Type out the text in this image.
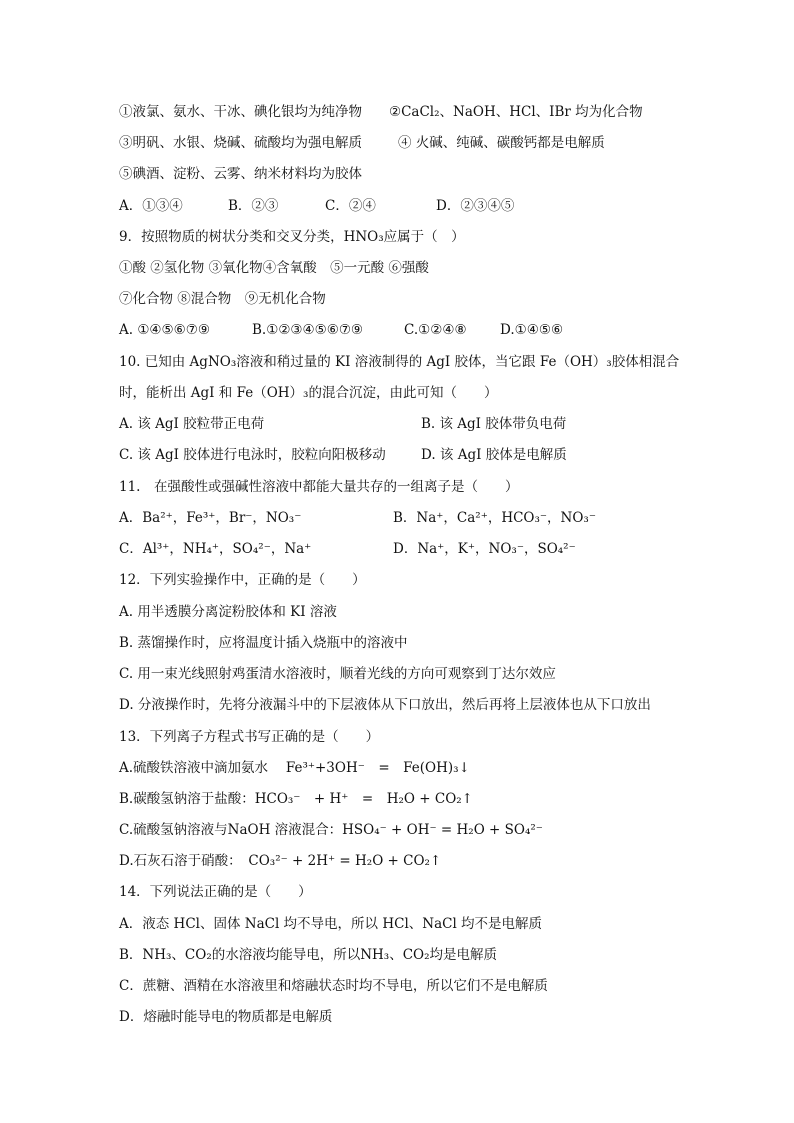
①液氯、氨水、干冰、碘化银均为纯净物 ②CaCl₂、NaOH、HCl、IBr 均为化合物
③明矾、水银、烧碱、硫酸均为强电解质	④ 火碱、纯碱、碳酸钙都是电解质
⑤碘酒、淀粉、云雾、纳米材料均为胶体
A．①③④	B．②③	C．②④	D．②③④⑤
9．按照物质的树状分类和交叉分类，HNO₃应属于（　）
①酸 ②氢化物 ③氧化物④含氧酸　⑤一元酸 ⑥强酸
⑦化合物 ⑧混合物　⑨无机化合物
A. ①④⑤⑥⑦⑨	B.①②③④⑤⑥⑦⑨	C.①②④⑧ D.①④⑤⑥
10. 已知由 AgNO₃溶液和稍过量的 KI 溶液制得的 AgI 胶体，当它跟 Fe（OH）₃胶体相混合
时，能析出 AgI 和 Fe（OH）₃的混合沉淀，由此可知（　　）
A. 该 AgI 胶粒带正电荷	B. 该 AgI 胶体带负电荷
C. 该 AgI 胶体进行电泳时，胶粒向阳极移动	D. 该 AgI 胶体是电解质
11.　在强酸性或强碱性溶液中都能大量共存的一组离子是（　　）
A．Ba²⁺，Fe³⁺，Br⁻，NO₃⁻	B．Na⁺，Ca²⁺，HCO₃⁻，NO₃⁻
C．Al³⁺，NH₄⁺，SO₄²⁻，Na⁺	D．Na⁺，K⁺，NO₃⁻，SO₄²⁻
12．下列实验操作中，正确的是（　　）
A. 用半透膜分离淀粉胶体和 KI 溶液
B. 蒸馏操作时，应将温度计插入烧瓶中的溶液中
C. 用一束光线照射鸡蛋清水溶液时，顺着光线的方向可观察到丁达尔效应
D. 分液操作时，先将分液漏斗中的下层液体从下口放出，然后再将上层液体也从下口放出
13．下列离子方程式书写正确的是（　　）
A.硫酸铁溶液中滴加氨水　 Fe³⁺+3OH⁻　=　Fe(OH)₃↓
B.碳酸氢钠溶于盐酸：HCO₃⁻　+ H⁺　=　H₂O + CO₂↑
C.硫酸氢钠溶液与NaOH 溶液混合：HSO₄⁻ + OH⁻ = H₂O + SO₄²⁻
D.石灰石溶于硝酸：　CO₃²⁻ + 2H⁺ = H₂O + CO₂↑
14．下列说法正确的是（　　）
A．液态 HCl、固体 NaCl 均不导电，所以 HCl、NaCl 均不是电解质
B．NH₃、CO₂的水溶液均能导电，所以NH₃、CO₂均是电解质
C．蔗糖、酒精在水溶液里和熔融状态时均不导电，所以它们不是电解质
D．熔融时能导电的物质都是电解质
